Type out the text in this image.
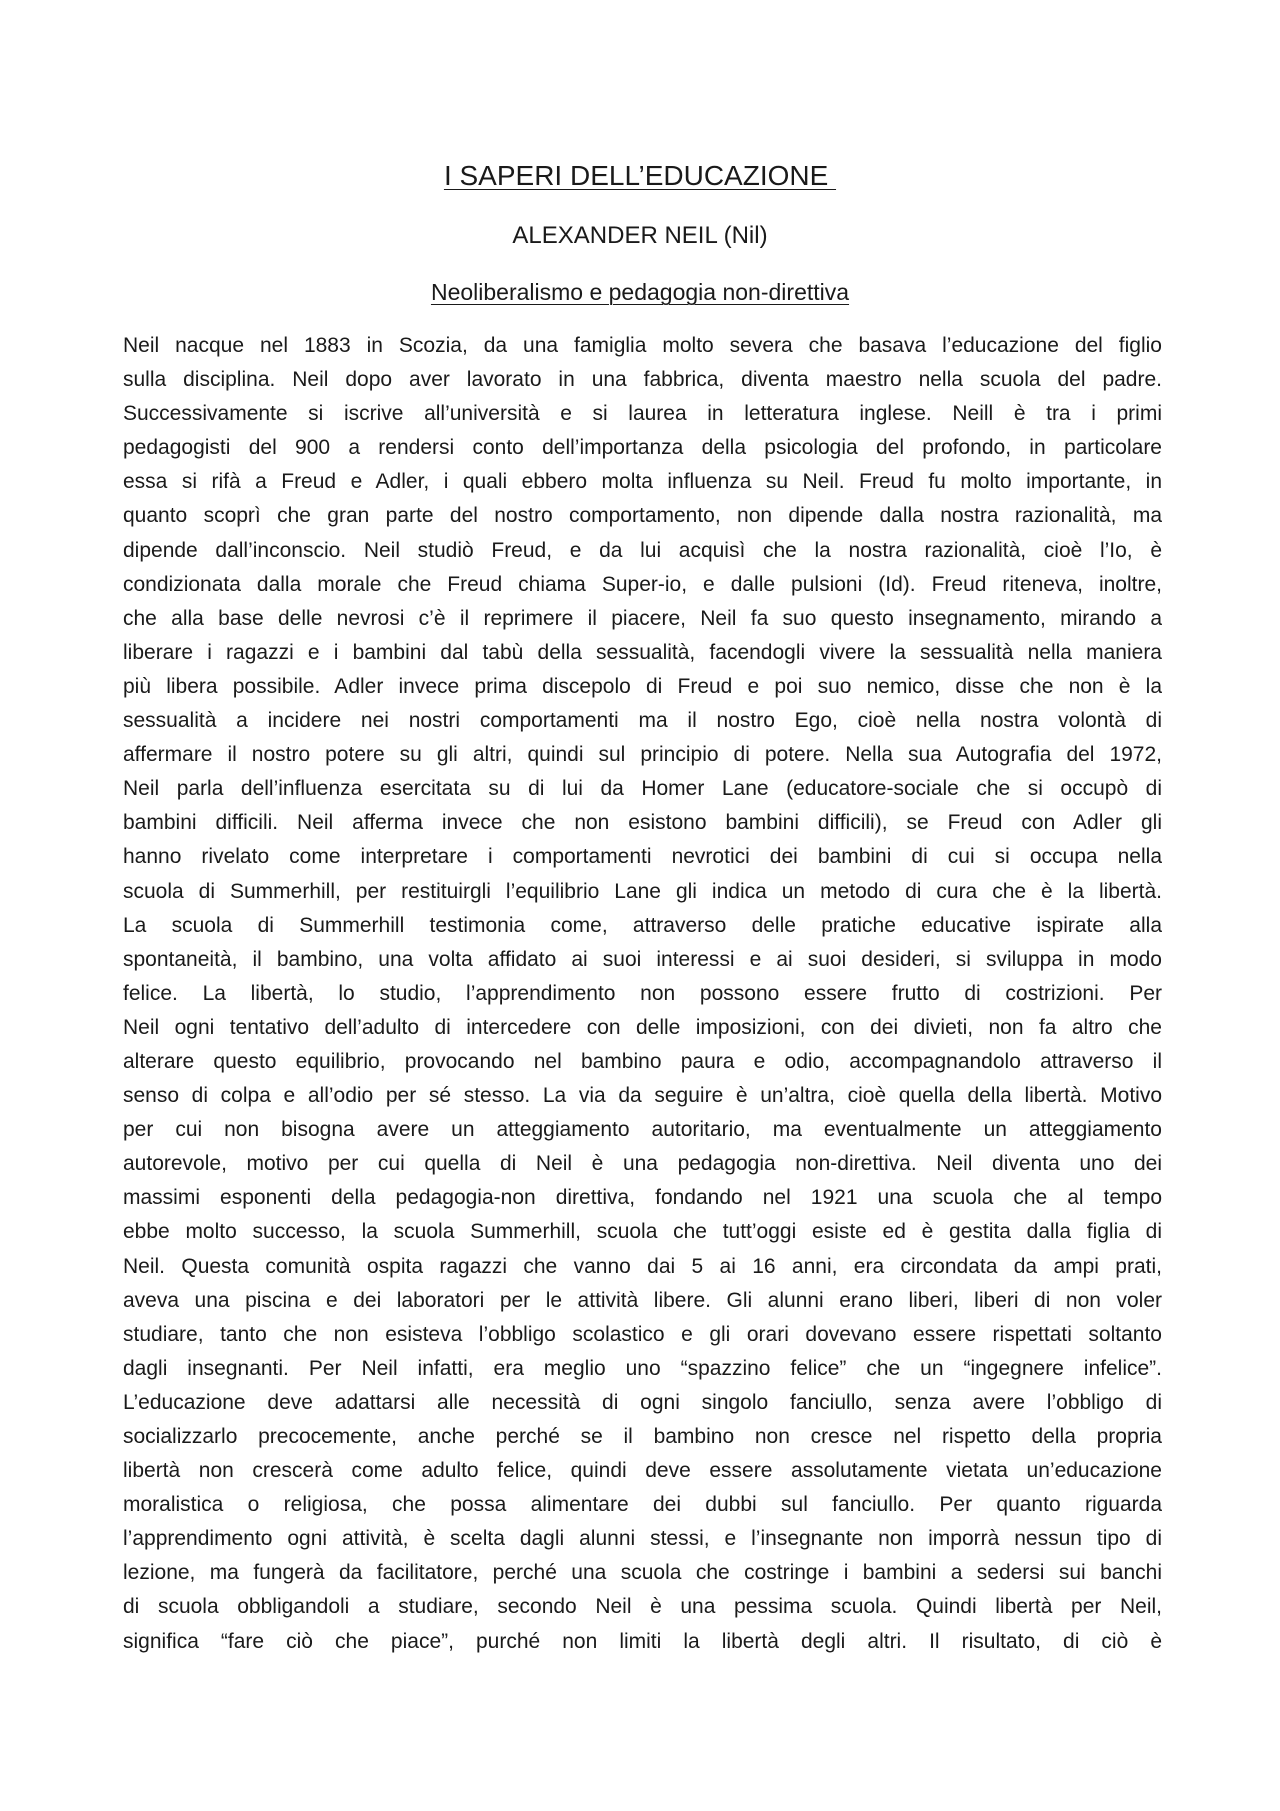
I SAPERI DELL’EDUCAZIONE
ALEXANDER NEIL (Nil)
Neoliberalismo e pedagogia non-direttiva
Neil nacque nel 1883 in Scozia, da una famiglia molto severa che basava l’educazione del figlio
sulla disciplina. Neil dopo aver lavorato in una fabbrica, diventa maestro nella scuola del padre.
Successivamente si iscrive all’università e si laurea in letteratura inglese. Neill è tra i primi
pedagogisti del 900 a rendersi conto dell’importanza della psicologia del profondo, in particolare
essa si rifà a Freud e Adler, i quali ebbero molta influenza su Neil. Freud fu molto importante, in
quanto scoprì che gran parte del nostro comportamento, non dipende dalla nostra razionalità, ma
dipende dall’inconscio. Neil studiò Freud, e da lui acquisì che la nostra razionalità, cioè l’Io, è
condizionata dalla morale che Freud chiama Super-io, e dalle pulsioni (Id). Freud riteneva, inoltre,
che alla base delle nevrosi c’è il reprimere il piacere, Neil fa suo questo insegnamento, mirando a
liberare i ragazzi e i bambini dal tabù della sessualità, facendogli vivere la sessualità nella maniera
più libera possibile. Adler invece prima discepolo di Freud e poi suo nemico, disse che non è la
sessualità a incidere nei nostri comportamenti ma il nostro Ego, cioè nella nostra volontà di
affermare il nostro potere su gli altri, quindi sul principio di potere. Nella sua Autografia del 1972,
Neil parla dell’influenza esercitata su di lui da Homer Lane (educatore-sociale che si occupò di
bambini difficili. Neil afferma invece che non esistono bambini difficili), se Freud con Adler gli
hanno rivelato come interpretare i comportamenti nevrotici dei bambini di cui si occupa nella
scuola di Summerhill, per restituirgli l’equilibrio Lane gli indica un metodo di cura che è la libertà.
La scuola di Summerhill testimonia come, attraverso delle pratiche educative ispirate alla
spontaneità, il bambino, una volta affidato ai suoi interessi e ai suoi desideri, si sviluppa in modo
felice. La libertà, lo studio, l’apprendimento non possono essere frutto di costrizioni. Per
Neil ogni tentativo dell’adulto di intercedere con delle imposizioni, con dei divieti, non fa altro che
alterare questo equilibrio, provocando nel bambino paura e odio, accompagnandolo attraverso il
senso di colpa e all’odio per sé stesso. La via da seguire è un’altra, cioè quella della libertà. Motivo
per cui non bisogna avere un atteggiamento autoritario, ma eventualmente un atteggiamento
autorevole, motivo per cui quella di Neil è una pedagogia non-direttiva. Neil diventa uno dei
massimi esponenti della pedagogia-non direttiva, fondando nel 1921 una scuola che al tempo
ebbe molto successo, la scuola Summerhill, scuola che tutt’oggi esiste ed è gestita dalla figlia di
Neil. Questa comunità ospita ragazzi che vanno dai 5 ai 16 anni, era circondata da ampi prati,
aveva una piscina e dei laboratori per le attività libere. Gli alunni erano liberi, liberi di non voler
studiare, tanto che non esisteva l’obbligo scolastico e gli orari dovevano essere rispettati soltanto
dagli insegnanti. Per Neil infatti, era meglio uno “spazzino felice” che un “ingegnere infelice”.
L’educazione deve adattarsi alle necessità di ogni singolo fanciullo, senza avere l’obbligo di
socializzarlo precocemente, anche perché se il bambino non cresce nel rispetto della propria
libertà non crescerà come adulto felice, quindi deve essere assolutamente vietata un’educazione
moralistica o religiosa, che possa alimentare dei dubbi sul fanciullo. Per quanto riguarda
l’apprendimento ogni attività, è scelta dagli alunni stessi, e l’insegnante non imporrà nessun tipo di
lezione, ma fungerà da facilitatore, perché una scuola che costringe i bambini a sedersi sui banchi
di scuola obbligandoli a studiare, secondo Neil è una pessima scuola. Quindi libertà per Neil,
significa “fare ciò che piace”, purché non limiti la libertà degli altri. Il risultato, di ciò è
